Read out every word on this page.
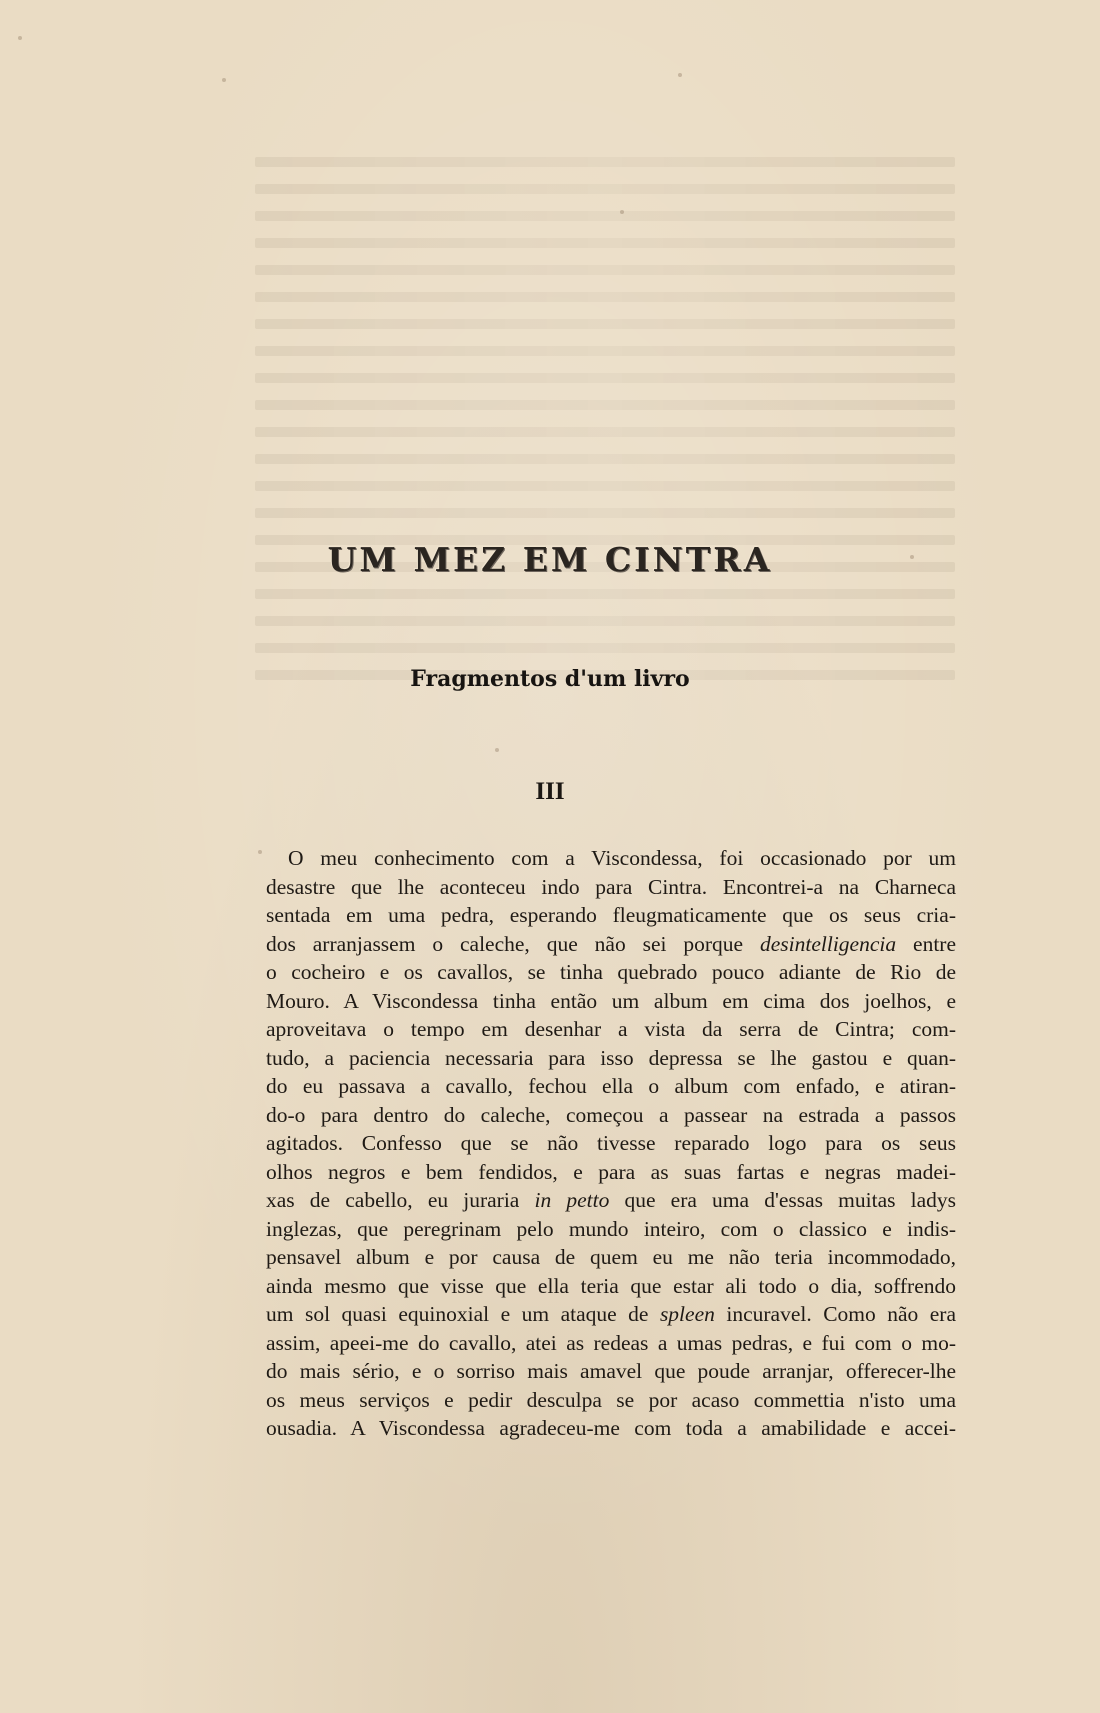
UM MEZ EM CINTRA
Fragmentos d'um livro
III
O meu conhecimento com a Viscondessa, foi occasionado por um
desastre que lhe aconteceu indo para Cintra. Encontrei-a na Charneca
sentada em uma pedra, esperando fleugmaticamente que os seus cria-
dos arranjassem o caleche, que não sei porque desintelligencia entre
o cocheiro e os cavallos, se tinha quebrado pouco adiante de Rio de
Mouro. A Viscondessa tinha então um album em cima dos joelhos, e
aproveitava o tempo em desenhar a vista da serra de Cintra; com-
tudo, a paciencia necessaria para isso depressa se lhe gastou e quan-
do eu passava a cavallo, fechou ella o album com enfado, e atiran-
do-o para dentro do caleche, começou a passear na estrada a passos
agitados. Confesso que se não tivesse reparado logo para os seus
olhos negros e bem fendidos, e para as suas fartas e negras madei-
xas de cabello, eu juraria in petto que era uma d'essas muitas ladys
inglezas, que peregrinam pelo mundo inteiro, com o classico e indis-
pensavel album e por causa de quem eu me não teria incommodado,
ainda mesmo que visse que ella teria que estar ali todo o dia, soffrendo
um sol quasi equinoxial e um ataque de spleen incuravel. Como não era
assim, apeei-me do cavallo, atei as redeas a umas pedras, e fui com o mo-
do mais sério, e o sorriso mais amavel que poude arranjar, offerecer-lhe
os meus serviços e pedir desculpa se por acaso commettia n'isto uma
ousadia. A Viscondessa agradeceu-me com toda a amabilidade e accei-
